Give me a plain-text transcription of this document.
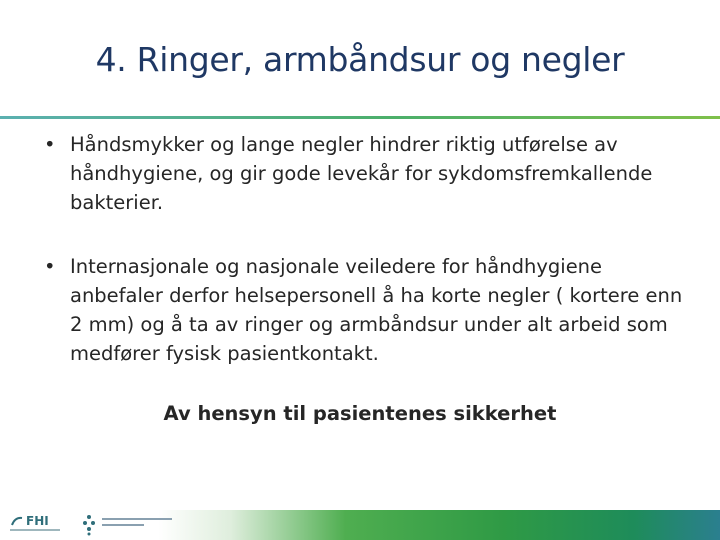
4. Ringer, armbåndsur og negler
• Håndsmykker og lange negler hindrer riktig utførelse av håndhygiene, og gir gode levekår for sykdomsfremkallende bakterier.
• Internasjonale og nasjonale veiledere for håndhygiene anbefaler derfor helsepersonell å ha korte negler ( kortere enn 2 mm) og å ta av ringer og armbåndsur under alt arbeid som medfører fysisk pasientkontakt.
Av hensyn til pasientenes sikkerhet
FHI
